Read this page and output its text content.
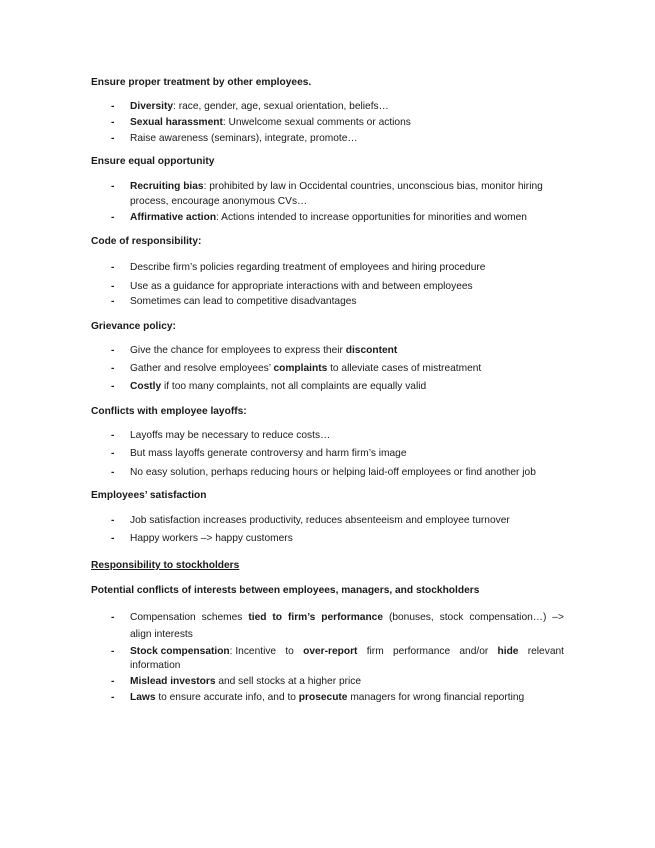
Ensure proper treatment by other employees.
- Diversity: race, gender, age, sexual orientation, beliefs…
- Sexual harassment: Unwelcome sexual comments or actions
- Raise awareness (seminars), integrate, promote…
Ensure equal opportunity
- Recruiting bias: prohibited by law in Occidental countries, unconscious bias, monitor hiring
process, encourage anonymous CVs…
- Affirmative action: Actions intended to increase opportunities for minorities and women
Code of responsibility:
- Describe firm’s policies regarding treatment of employees and hiring procedure
- Use as a guidance for appropriate interactions with and between employees
- Sometimes can lead to competitive disadvantages
Grievance policy:
- Give the chance for employees to express their discontent
- Gather and resolve employees’ complaints to alleviate cases of mistreatment
- Costly if too many complaints, not all complaints are equally valid
Conflicts with employee layoffs:
- Layoffs may be necessary to reduce costs…
- But mass layoffs generate controversy and harm firm’s image
- No easy solution, perhaps reducing hours or helping laid-off employees or find another job
Employees’ satisfaction
- Job satisfaction increases productivity, reduces absenteeism and employee turnover
- Happy workers –> happy customers
Responsibility to stockholders
Potential conflicts of interests between employees, managers, and stockholders
- Compensation schemes tied to firm’s performance (bonuses, stock compensation…) –>
align interests
- Stock compensation: Incentive to over-report firm performance and/or hide relevant
information
- Mislead investors and sell stocks at a higher price
- Laws to ensure accurate info, and to prosecute managers for wrong financial reporting
